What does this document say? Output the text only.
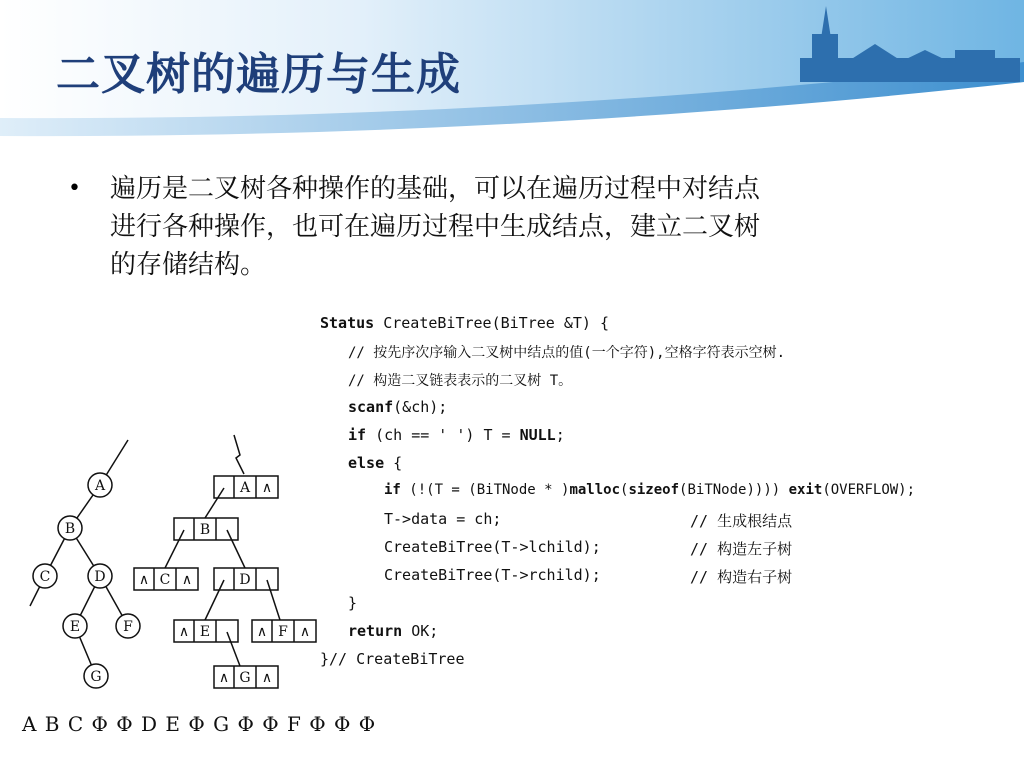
二叉树的遍历与生成
• 遍历是二叉树各种操作的基础，可以在遍历过程中对结点
进行各种操作，也可在遍历过程中生成结点，建立二叉树
的存储结构。
Status CreateBiTree(BiTree &T) {
// 按先序次序输入二叉树中结点的值(一个字符),空格字符表示空树.
// 构造二叉链表表示的二叉树 T。
scanf(&ch);
if (ch == ' ') T = NULL;
else {
if (!(T = (BiTNode * )malloc(sizeof(BiTNode)))) exit(OVERFLOW);
T->data = ch;	// 生成根结点
CreateBiTree(T->lchild);	// 构造左子树
CreateBiTree(T->rchild);	// 构造右子树
}
return OK;
}// CreateBiTree
A
B
C	D
E	F
G
A ∧
B
∧ C ∧	D
∧ E	∧ F ∧
∧ G ∧
A B C Φ Φ D E Φ G Φ Φ F Φ Φ Φ
